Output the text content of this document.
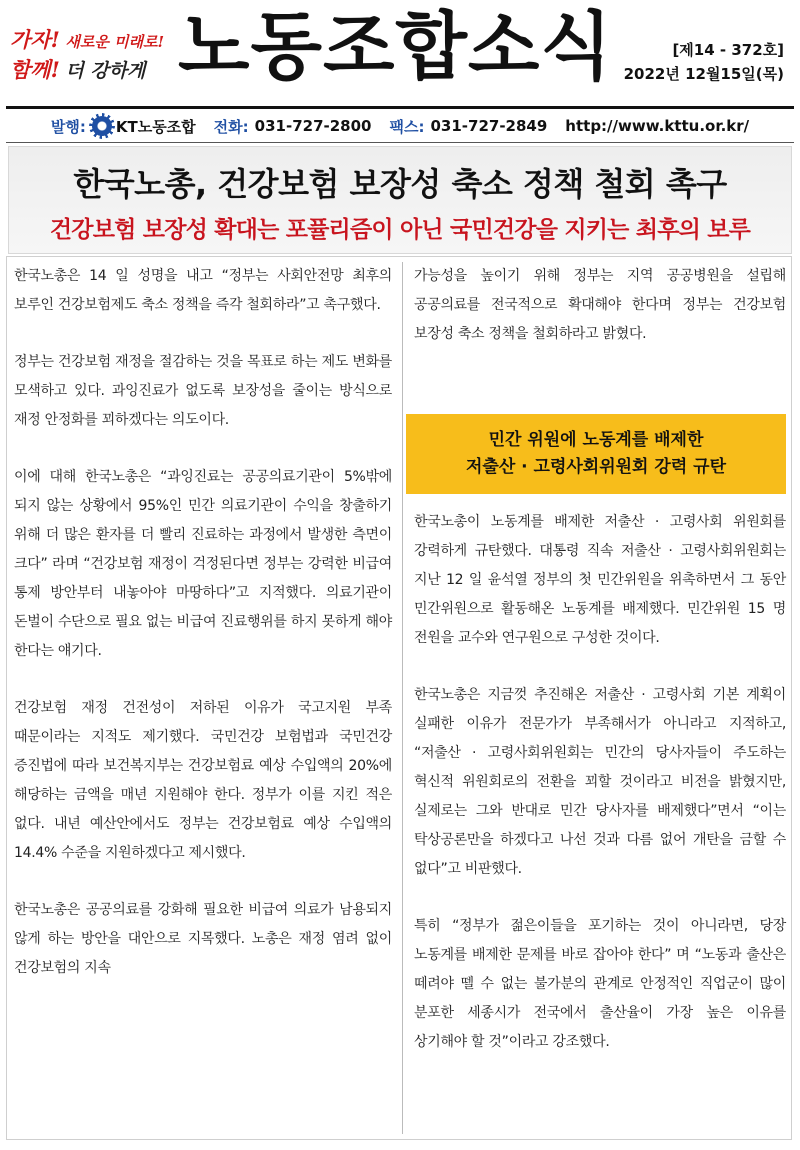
가자! 새로운 미래로!
함께! 더 강하게 노동조합소식	[제14 - 372호]
2022년 12월15일(목)
발행: KT노동조합 전화: 031-727-2800 팩스: 031-727-2849 http://www.kttu.or.kr/
한국노총, 건강보험 보장성 축소 정책 철회 촉구
건강보험 보장성 확대는 포퓰리즘이 아닌 국민건강을 지키는 최후의 보루

한국노총은 14 일 성명을 내고 “정부는 사회안전망 최후의 보루인 건강보험제도 축소 정책을 즉각 철회하라”고 촉구했다.

정부는 건강보험 재정을 절감하는 것을 목표로 하는 제도 변화를 모색하고 있다. 과잉진료가 없도록 보장성을 줄이는 방식으로 재정 안정화를 꾀하겠다는 의도이다.

이에 대해 한국노총은 “과잉진료는 공공의료기관이 5%밖에 되지 않는 상황에서 95%인 민간 의료기관이 수익을 창출하기 위해 더 많은 환자를 더 빨리 진료하는 과정에서 발생한 측면이 크다” 라며 “건강보험 재정이 걱정된다면 정부는 강력한 비급여 통제 방안부터 내놓아야 마땅하다”고 지적했다. 의료기관이 돈벌이 수단으로 필요 없는 비급여 진료행위를 하지 못하게 해야 한다는 얘기다.

건강보험 재정 건전성이 저하된 이유가 국고지원 부족 때문이라는 지적도 제기했다. 국민건강 보험법과 국민건강 증진법에 따라 보건복지부는 건강보험료 예상 수입액의 20%에 해당하는 금액을 매년 지원해야 한다. 정부가 이를 지킨 적은 없다. 내년 예산안에서도 정부는 건강보험료 예상 수입액의 14.4% 수준을 지원하겠다고 제시했다.

한국노총은 공공의료를 강화해 필요한 비급여 의료가 남용되지 않게 하는 방안을 대안으로 지목했다. 노총은 재정 염려 없이 건강보험의 지속

가능성을 높이기 위해 정부는 지역 공공병원을 설립해 공공의료를 전국적으로 확대해야 한다며 정부는 건강보험 보장성 축소 정책을 철회하라고 밝혔다.

민간 위원에 노동계를 배제한
저출산 · 고령사회위원회 강력 규탄

한국노총이 노동계를 배제한 저출산 · 고령사회 위원회를 강력하게 규탄했다. 대통령 직속 저출산 · 고령사회위원회는 지난 12 일 윤석열 정부의 첫 민간위원을 위촉하면서 그 동안 민간위원으로 활동해온 노동계를 배제했다. 민간위원 15 명 전원을 교수와 연구원으로 구성한 것이다.

한국노총은 지금껏 추진해온 저출산 · 고령사회 기본 계획이 실패한 이유가 전문가가 부족해서가 아니라고 지적하고, “저출산 · 고령사회위원회는 민간의 당사자들이 주도하는 혁신적 위원회로의 전환을 꾀할 것이라고 비전을 밝혔지만, 실제로는 그와 반대로 민간 당사자를 배제했다”면서 “이는 탁상공론만을 하겠다고 나선 것과 다름 없어 개탄을 금할 수 없다”고 비판했다.

특히 “정부가 젊은이들을 포기하는 것이 아니라면, 당장 노동계를 배제한 문제를 바로 잡아야 한다” 며 “노동과 출산은 떼려야 뗄 수 없는 불가분의 관계로 안정적인 직업군이 많이 분포한 세종시가 전국에서 출산율이 가장 높은 이유를 상기해야 할 것”이라고 강조했다.
